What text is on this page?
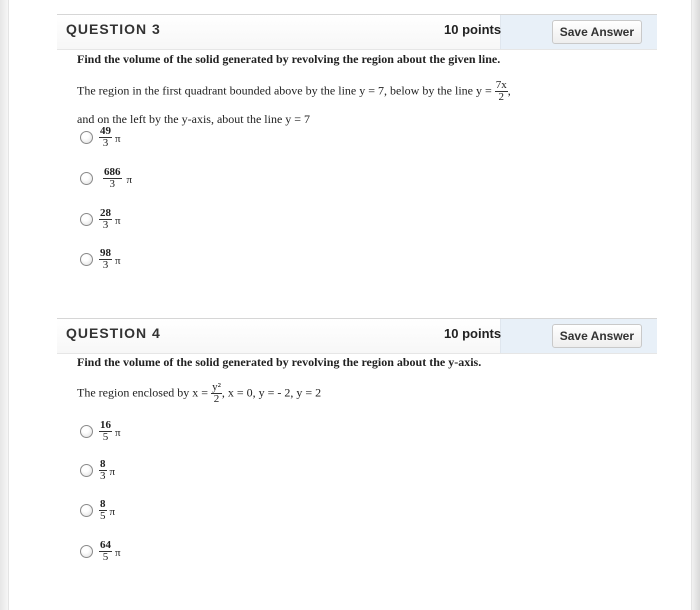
QUESTION 3	10 points	Save Answer
Find the volume of the solid generated by revolving the region about the given line.
The region in the first quadrant bounded above by the line y = 7, below by the line $y = \frac{7x}{2}$ ,
and on the left by the y-axis, about the line y = 7
$\frac{49}{3}$ π
$\frac{686}{3}$ π
$\frac{28}{3}$ π
$\frac{98}{3}$ π
QUESTION 4	10 points	Save Answer
Find the volume of the solid generated by revolving the region about the y-axis.
The region enclosed by $x = \frac{\text{y²}}{2}$ , x = 0, y = - 2, y = 2
$\frac{16}{5}$ π
$\frac{8}{3}$ π
$\frac{8}{5}$ π
$\frac{64}{5}$ π
